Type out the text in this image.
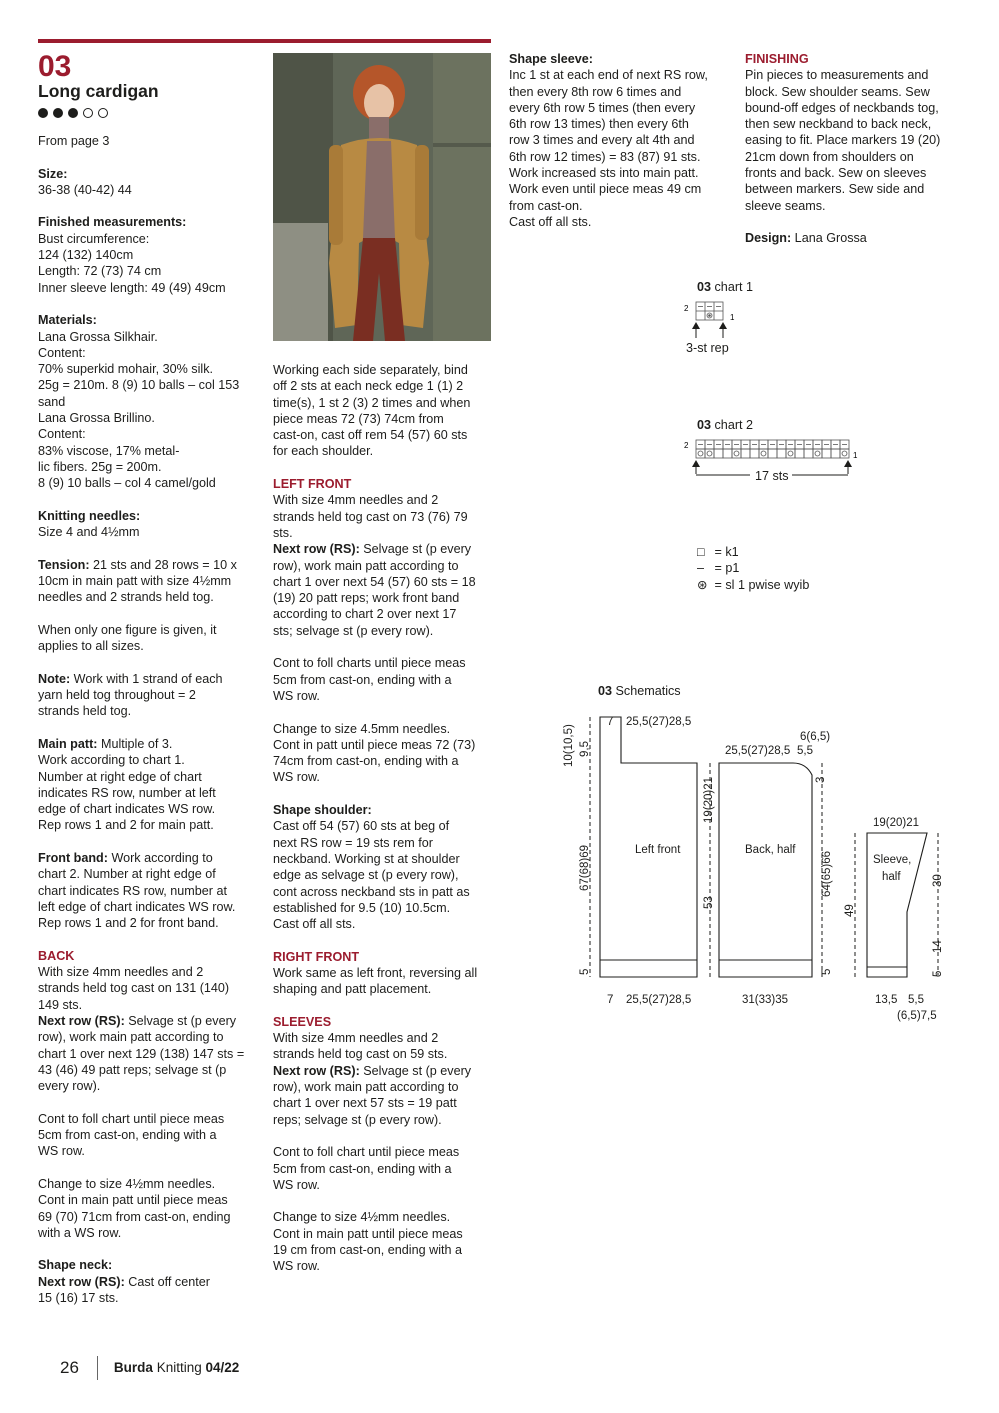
03
Long cardigan
From page 3
Size:
36-38 (40-42) 44
Finished measurements:
Bust circumference:
124 (132) 140cm
Length: 72 (73) 74 cm
Inner sleeve length: 49 (49) 49cm
Materials:
Lana Grossa Silkhair.
Content:
70% superkid mohair, 30% silk.
25g = 210m. 8 (9) 10 balls – col 153
sand
Lana Grossa Brillino.
Content:
83% viscose, 17% metal-
lic fibers. 25g = 200m.
8 (9) 10 balls – col 4 camel/gold
Knitting needles:
Size 4 and 4½mm
Tension: 21 sts and 28 rows = 10 x
10cm in main patt with size 4½mm
needles and 2 strands held tog.
When only one figure is given, it
applies to all sizes.
Note: Work with 1 strand of each
yarn held tog throughout = 2
strands held tog.
Main patt: Multiple of 3.
Work according to chart 1.
Number at right edge of chart
indicates RS row, number at left
edge of chart indicates WS row.
Rep rows 1 and 2 for main patt.
Front band: Work according to
chart 2. Number at right edge of
chart indicates RS row, number at
left edge of chart indicates WS row.
Rep rows 1 and 2 for front band.
BACK
With size 4mm needles and 2
strands held tog cast on 131 (140)
149 sts.
Next row (RS): Selvage st (p every
row), work main patt according to
chart 1 over next 129 (138) 147 sts =
43 (46) 49 patt reps; selvage st (p
every row).
Cont to foll chart until piece meas
5cm from cast-on, ending with a
WS row.
Change to size 4½mm needles.
Cont in main patt until piece meas
69 (70) 71cm from cast-on, ending
with a WS row.
Shape neck:
Next row (RS): Cast off center
15 (16) 17 sts.
Working each side separately, bind
off 2 sts at each neck edge 1 (1) 2
time(s), 1 st 2 (3) 2 times and when
piece meas 72 (73) 74cm from
cast-on, cast off rem 54 (57) 60 sts
for each shoulder.
LEFT FRONT
With size 4mm needles and 2
strands held tog cast on 73 (76) 79
sts.
Next row (RS): Selvage st (p every
row), work main patt according to
chart 1 over next 54 (57) 60 sts = 18
(19) 20 patt reps; work front band
according to chart 2 over next 17
sts; selvage st (p every row).
Cont to foll charts until piece meas
5cm from cast-on, ending with a
WS row.
Change to size 4.5mm needles.
Cont in patt until piece meas 72 (73)
74cm from cast-on, ending with a
WS row.
Shape shoulder:
Cast off 54 (57) 60 sts at beg of
next RS row = 19 sts rem for
neckband. Working st at shoulder
edge as selvage st (p every row),
cont across neckband sts in patt as
established for 9.5 (10) 10.5cm.
Cast off all sts.
RIGHT FRONT
Work same as left front, reversing all
shaping and patt placement.
SLEEVES
With size 4mm needles and 2
strands held tog cast on 59 sts.
Next row (RS): Selvage st (p every
row), work main patt according to
chart 1 over next 57 sts = 19 patt
reps; selvage st (p every row).
Cont to foll chart until piece meas
5cm from cast-on, ending with a
WS row.
Change to size 4½mm needles.
Cont in main patt until piece meas
19 cm from cast-on, ending with a
WS row.
Shape sleeve:
Inc 1 st at each end of next RS row,
then every 8th row 6 times and
every 6th row 5 times (then every
6th row 13 times) then every 6th
row 3 times and every alt 4th and
6th row 12 times) = 83 (87) 91 sts.
Work increased sts into main patt.
Work even until piece meas 49 cm
from cast-on.
Cast off all sts.
FINISHING
Pin pieces to measurements and
block. Sew shoulder seams. Sew
bound-off edges of neckbands tog,
then sew neckband to back neck,
easing to fit. Place markers 19 (20)
21cm down from shoulders on
fronts and back. Sew on sleeves
between markers. Sew side and
sleeve seams.
Design: Lana Grossa
03 chart 1
2
1
3-st rep
03 chart 2
2
1
17 sts
□ = k1
– = p1
⊛ = sl 1 pwise wyib
03 Schematics
Left front	Back, half
Sleeve,
half
7 25,5(27)28,5
6(6,5)
25,5(27)28,5 5,5
19(20)21
7 25,5(27)28,5	31(33)35	13,5 5,5
(6,5)7,5
10(10,5) 9,5
67(68)69
5
19(20)21
53
3
64(65)66
5
49
30
14
5
26	Burda Knitting 04/22
